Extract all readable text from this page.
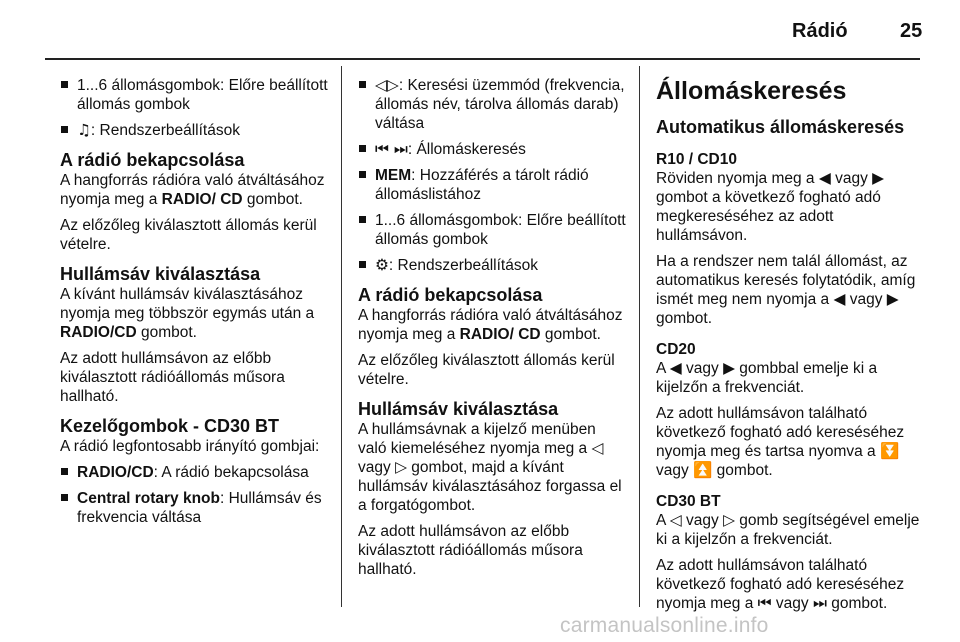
Rádió	25
1...6 állomásgombok: Előre beállított állomás gombok
♫: Rendszerbeállítások
A rádió bekapcsolása

A hangforrás rádióra való átváltásához nyomja meg a RADIO/ CD gombot.

Az előzőleg kiválasztott állomás kerül vételre.

Hullámsáv kiválasztása

A kívánt hullámsáv kiválasztásához nyomja meg többször egymás után a RADIO/CD gombot.

Az adott hullámsávon az előbb kiválasztott rádióállomás műsora hallható.

Kezelőgombok - CD30 BT

A rádió legfontosabb irányító gombjai:

RADIO/CD: A rádió bekapcsolása
Central rotary knob: Hullámsáv és frekvencia váltása
◁▷: Keresési üzemmód (frekvencia, állomás név, tárolva állomás darab) váltása
⏮ ⏭: Állomáskeresés
MEM: Hozzáférés a tárolt rádió állomáslistához
1...6 állomásgombok: Előre beállított állomás gombok
⚙: Rendszerbeállítások
A rádió bekapcsolása

A hangforrás rádióra való átváltásához nyomja meg a RADIO/ CD gombot.

Az előzőleg kiválasztott állomás kerül vételre.

Hullámsáv kiválasztása

A hullámsávnak a kijelző menüben való kiemeléséhez nyomja meg a ◁ vagy ▷ gombot, majd a kívánt hullámsáv kiválasztásához forgassa el a forgatógombot.

Az adott hullámsávon az előbb kiválasztott rádióállomás műsora hallható.

Állomáskeresés
Automatikus állomáskeresés
R10 / CD10

Röviden nyomja meg a ◀ vagy ▶ gombot a következő fogható adó megkereséséhez az adott hullámsávon.

Ha a rendszer nem talál állomást, az automatikus keresés folytatódik, amíg ismét meg nem nyomja a ◀ vagy ▶ gombot.

CD20

A ◀ vagy ▶ gombbal emelje ki a kijelzőn a frekvenciát.

Az adott hullámsávon található következő fogható adó kereséséhez nyomja meg és tartsa nyomva a ⏬ vagy ⏫ gombot.

CD30 BT

A ◁ vagy ▷ gomb segítségével emelje ki a kijelzőn a frekvenciát.

Az adott hullámsávon található következő fogható adó kereséséhez nyomja meg a ⏮ vagy ⏭ gombot.

carmanualsonline.info
